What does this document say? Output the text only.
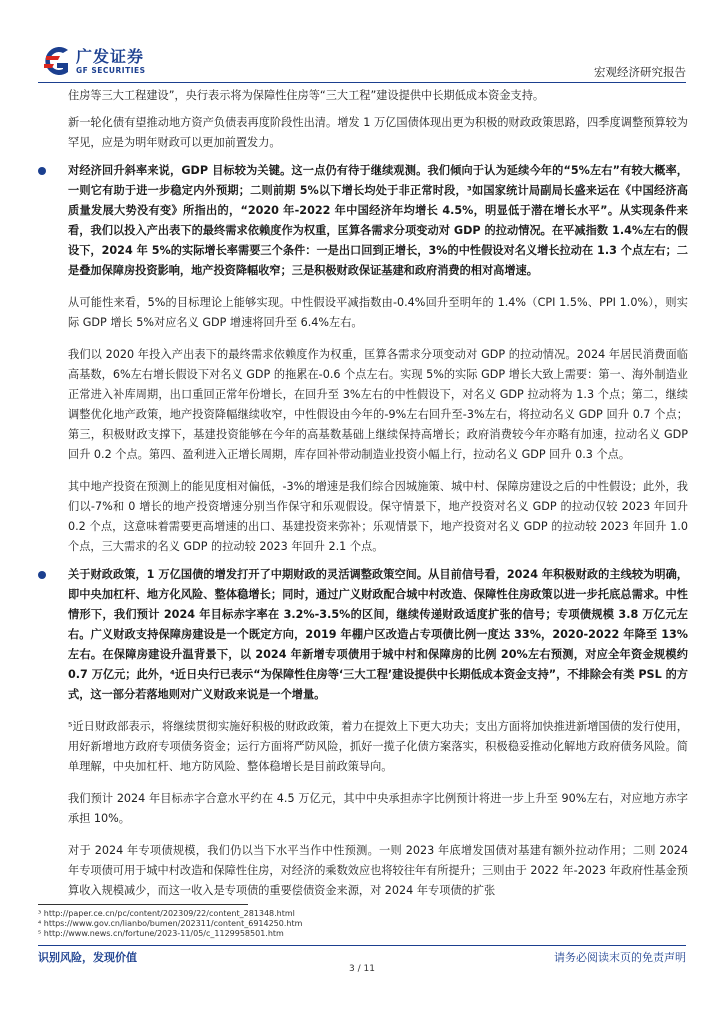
广发证券
GF SECURITIES	宏观经济研究报告

住房等三大工程建设”，央行表示将为保障性住房等“三大工程”建设提供中长期低成本资金支持。

新一轮化债有望推动地方资产负债表再度阶段性出清。增发 1 万亿国债体现出更为积极的财政政策思路，四季度调整预算较为罕见，应是为明年财政可以更加前置发力。

对经济回升斜率来说，GDP 目标较为关键。这一点仍有待于继续观测。我们倾向于认为延续今年的“5%左右”有较大概率，一则它有助于进一步稳定内外预期；二则前期 5%以下增长均处于非正常时段，³如国家统计局副局长盛来运在《中国经济高质量发展大势没有变》所指出的，“2020 年-2022 年中国经济年均增长 4.5%，明显低于潜在增长水平”。从实现条件来看，我们以投入产出表下的最终需求依赖度作为权重，匡算各需求分项变动对 GDP 的拉动情况。在平减指数 1.4%左右的假设下，2024 年 5%的实际增长率需要三个条件：一是出口回到正增长，3%的中性假设对名义增长拉动在 1.3 个点左右；二是叠加保障房投资影响，地产投资降幅收窄；三是积极财政保证基建和政府消费的相对高增速。

从可能性来看，5%的目标理论上能够实现。中性假设平减指数由-0.4%回升至明年的 1.4%（CPI 1.5%、PPI 1.0%），则实际 GDP 增长 5%对应名义 GDP 增速将回升至 6.4%左右。

我们以 2020 年投入产出表下的最终需求依赖度作为权重，匡算各需求分项变动对 GDP 的拉动情况。2024 年居民消费面临高基数，6%左右增长假设下对名义 GDP 的拖累在-0.6 个点左右。实现 5%的实际 GDP 增长大致上需要：第一、海外制造业正常进入补库周期，出口重回正常年份增长，在回升至 3%左右的中性假设下，对名义 GDP 拉动将为 1.3 个点；第二，继续调整优化地产政策，地产投资降幅继续收窄，中性假设由今年的-9%左右回升至-3%左右，将拉动名义 GDP 回升 0.7 个点；第三，积极财政支撑下，基建投资能够在今年的高基数基础上继续保持高增长；政府消费较今年亦略有加速，拉动名义 GDP 回升 0.2 个点。第四、盈利进入正增长周期，库存回补带动制造业投资小幅上行，拉动名义 GDP 回升 0.3 个点。

其中地产投资在预测上的能见度相对偏低，-3%的增速是我们综合因城施策、城中村、保障房建设之后的中性假设；此外，我们以-7%和 0 增长的地产投资增速分别当作保守和乐观假设。保守情景下，地产投资对名义 GDP 的拉动仅较 2023 年回升 0.2 个点，这意味着需要更高增速的出口、基建投资来弥补；乐观情景下，地产投资对名义 GDP 的拉动较 2023 年回升 1.0 个点，三大需求的名义 GDP 的拉动较 2023 年回升 2.1 个点。

关于财政政策，1 万亿国债的增发打开了中期财政的灵活调整政策空间。从目前信号看，2024 年积极财政的主线较为明确，即中央加杠杆、地方化风险、整体稳增长；同时，通过广义财政配合城中村改造、保障性住房政策以进一步托底总需求。中性情形下，我们预计 2024 年目标赤字率在 3.2%-3.5%的区间，继续传递财政适度扩张的信号；专项债规模 3.8 万亿元左右。广义财政支持保障房建设是一个既定方向，2019 年棚户区改造占专项债比例一度达 33%，2020-2022 年降至 13%左右。在保障房建设升温背景下，以 2024 年新增专项债用于城中村和保障房的比例 20%左右预测，对应全年资金规模约 0.7 万亿元；此外，⁴近日央行已表示“为保障性住房等‘三大工程’建设提供中长期低成本资金支持”，不排除会有类 PSL 的方式，这一部分若落地则对广义财政来说是一个增量。

⁵近日财政部表示，将继续贯彻实施好积极的财政政策，着力在提效上下更大功夫；支出方面将加快推进新增国债的发行使用，用好新增地方政府专项债务资金；运行方面将严防风险，抓好一揽子化债方案落实，积极稳妥推动化解地方政府债务风险。简单理解，中央加杠杆、地方防风险、整体稳增长是目前政策导向。

我们预计 2024 年目标赤字合意水平约在 4.5 万亿元，其中中央承担赤字比例预计将进一步上升至 90%左右，对应地方赤字承担 10%。

对于 2024 年专项债规模，我们仍以当下水平当作中性预测。一则 2023 年底增发国债对基建有额外拉动作用；二则 2024 年专项债可用于城中村改造和保障性住房，对经济的乘数效应也将较往年有所提升；三则由于 2022 年-2023 年政府性基金预算收入规模减少，而这一收入是专项债的重要偿债资金来源，对 2024 年专项债的扩张

³ http://paper.ce.cn/pc/content/202309/22/content_281348.html
⁴ https://www.gov.cn/lianbo/bumen/202311/content_6914250.htm
⁵ http://www.news.cn/fortune/2023-11/05/c_1129958501.htm
识别风险，发现价值	请务必阅读末页的免责声明
3 / 11
